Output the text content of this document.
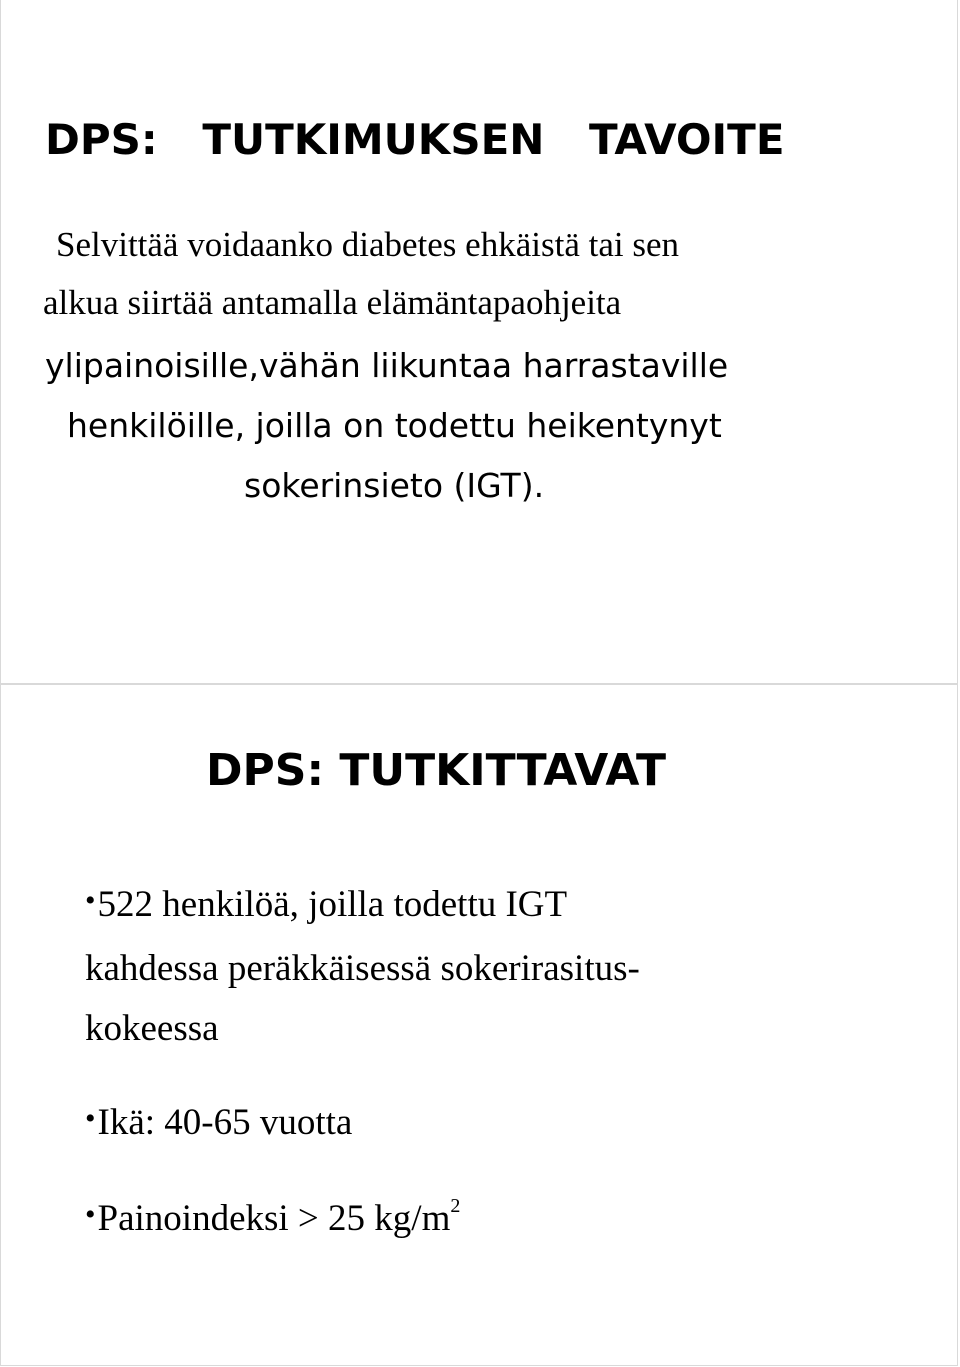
DPS: TUTKIMUKSEN TAVOITE

Selvittää voidaanko diabetes ehkäistä tai sen

alkua siirtää antamalla elämäntapaohjeita

ylipainoisille,vähän liikuntaa harrastaville

henkilöille, joilla on todettu heikentynyt

sokerinsieto (IGT).

DPS: TUTKITTAVAT

•522 henkilöä, joilla todettu IGT

kahdessa peräkkäisessä sokerirasitus-

kokeessa

•Ikä: 40-65 vuotta

•Painoindeksi > 25 $kg/m^2$
